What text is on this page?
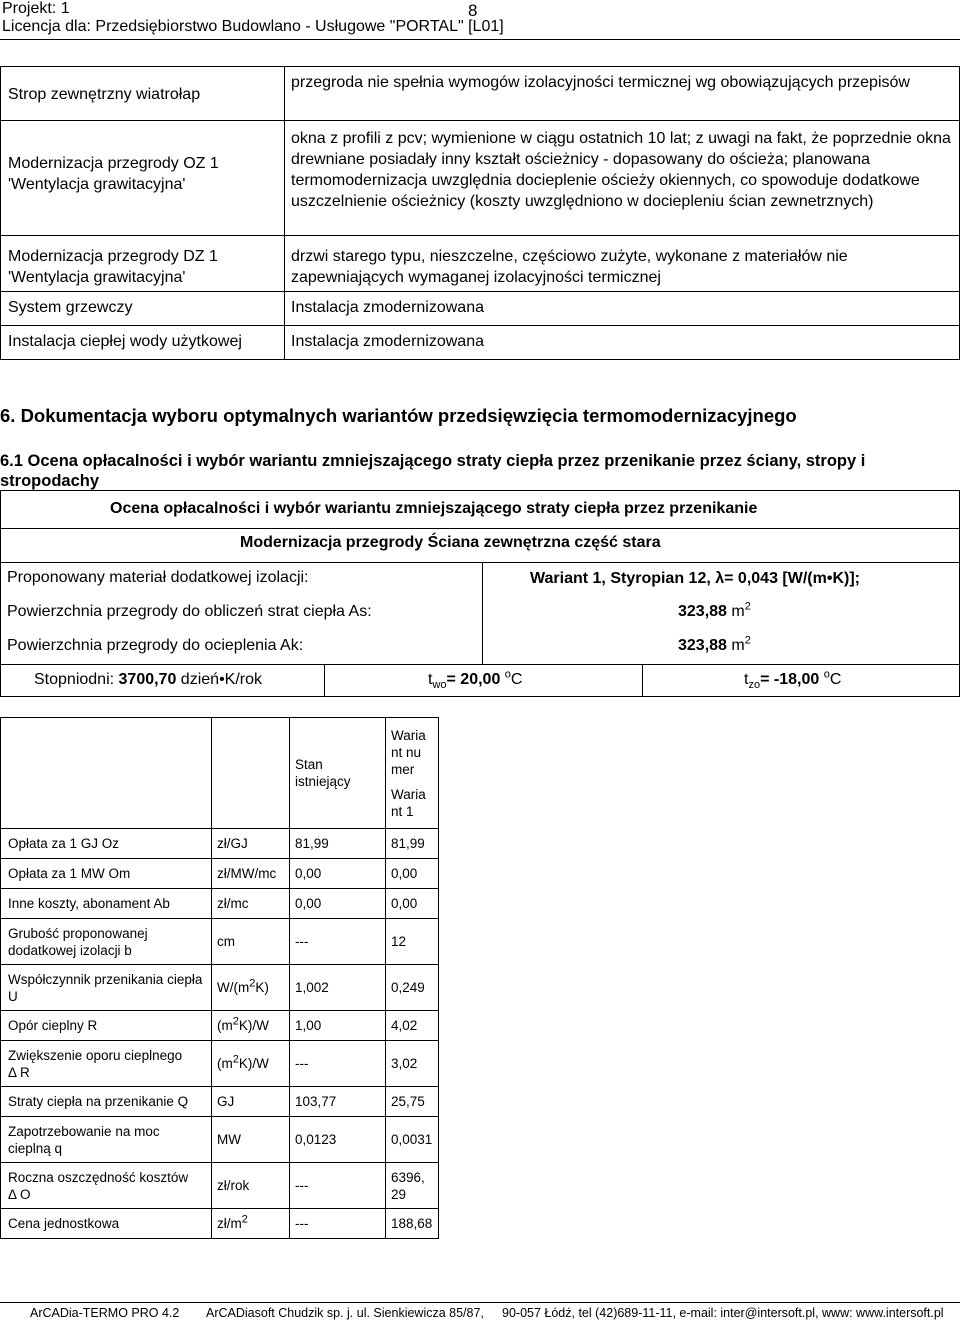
Projekt: 1	8
Licencja dla: Przedsiębiorstwo Budowlano - Usługowe "PORTAL" [L01]
Strop zewnętrzny wiatrołap	przegroda nie spełnia wymogów izolacyjności termicznej wg obowiązujących przepisów
Modernizacja przegrody OZ 1 'Wentylacja grawitacyjna'	okna z profili z pcv; wymienione w ciągu ostatnich 10 lat; z uwagi na fakt, że poprzednie okna drewniane posiadały inny kształt ościeżnicy - dopasowany do ościeża; planowana termomodernizacja uwzględnia docieplenie ościeży okiennych, co spowoduje dodatkowe uszczelnienie ościeżnicy (koszty uwzględniono w dociepleniu ścian zewnetrznych)
Modernizacja przegrody DZ 1 'Wentylacja grawitacyjna'	drzwi starego typu, nieszczelne, częściowo zużyte, wykonane z materiałów nie zapewniających wymaganej izolacyjności termicznej
System grzewczy	Instalacja zmodernizowana
Instalacja ciepłej wody użytkowej	Instalacja zmodernizowana
6. Dokumentacja wyboru optymalnych wariantów przedsięwzięcia termomodernizacyjnego
6.1 Ocena opłacalności i wybór wariantu zmniejszającego straty ciepła przez przenikanie przez ściany, stropy i stropodachy
Ocena opłacalności i wybór wariantu zmniejszającego straty ciepła przez przenikanie
Modernizacja przegrody Ściana zewnętrzna część stara
Proponowany materiał dodatkowej izolacji:	Wariant 1, Styropian 12, λ= 0,043 [W/(m•K)];
Powierzchnia przegrody do obliczeń strat ciepła As:	323,88 $m^2$
Powierzchnia przegrody do ocieplenia Ak:	323,88 $m^2$
Stopniodni: 3700,70 dzień•K/rok	$t_{wo}= 20,00$ $^o$C	$t_{zo}= -18,00$ $^o$C

		Stan istniejący	Wariant numer
Wariant 1

Opłata za 1 GJ Oz	zł/GJ	81,99	81,99
Opłata za 1 MW Om	zł/MW/mc	0,00	0,00
Inne koszty, abonament Ab	zł/mc	0,00	0,00
Grubość proponowanej dodatkowej izolacji b	cm	---	12
Współczynnik przenikania ciepła U	$W/(m^2K)$	1,002	0,249
Opór cieplny R	$(m^2K)/W$	1,00	4,02
Zwiększenie oporu cieplnego
Δ R	$(m^2K)/W$	---	3,02
Straty ciepła na przenikanie Q	GJ	103,77	25,75
Zapotrzebowanie na moc cieplną q	MW	0,0123	0,0031
Roczna oszczędność kosztów
Δ O	zł/rok	---	6396,29

Cena jednostkowa	$zł/m^2$	---	188,68
ArCADia-TERMO PRO 4.2 ArCADiasoft Chudzik sp. j. ul. Sienkiewicza 85/87, 90-057 Łódź, tel (42)689-11-11, e-mail: inter@intersoft.pl, www: www.intersoft.pl
